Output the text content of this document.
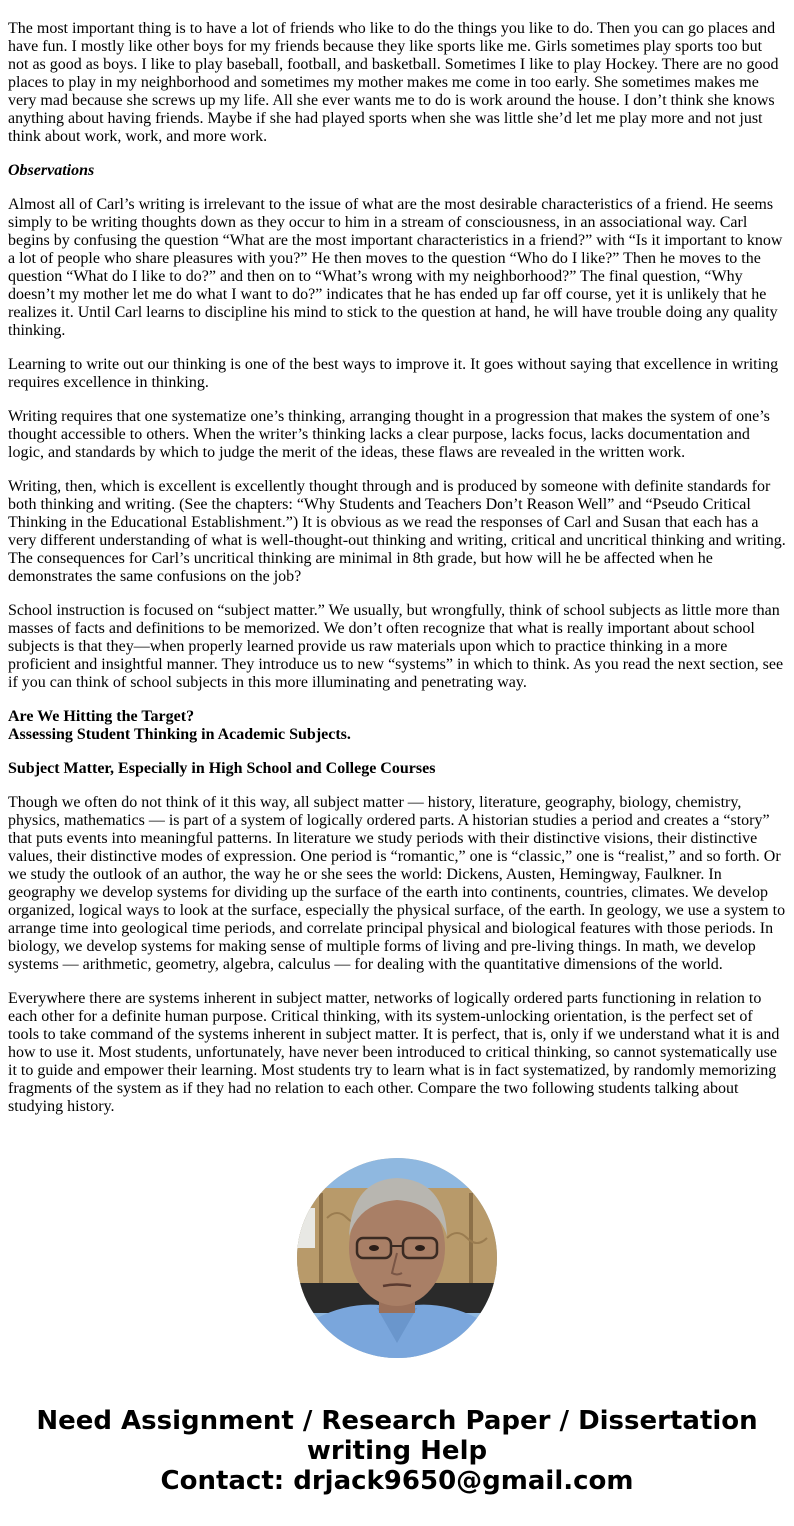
The most important thing is to have a lot of friends who like to do the things you like to do. Then you can go places and have fun. I mostly like other boys for my friends because they like sports like me. Girls sometimes play sports too but not as good as boys. I like to play baseball, football, and basketball. Sometimes I like to play Hockey. There are no good places to play in my neighborhood and sometimes my mother makes me come in too early. She sometimes makes me very mad because she screws up my life. All she ever wants me to do is work around the house. I don’t think she knows anything about having friends. Maybe if she had played sports when she was little she’d let me play more and not just think about work, work, and more work.

Observations

Almost all of Carl’s writing is irrelevant to the issue of what are the most desirable characteristics of a friend. He seems simply to be writing thoughts down as they occur to him in a stream of consciousness, in an associational way. Carl begins by confusing the question “What are the most important characteristics in a friend?” with “Is it important to know a lot of people who share pleasures with you?” He then moves to the question “Who do I like?” Then he moves to the question “What do I like to do?” and then on to “What’s wrong with my neighborhood?” The final question, “Why doesn’t my mother let me do what I want to do?” indicates that he has ended up far off course, yet it is unlikely that he realizes it. Until Carl learns to discipline his mind to stick to the question at hand, he will have trouble doing any quality thinking.

Learning to write out our thinking is one of the best ways to improve it. It goes without saying that excellence in writing requires excellence in thinking.

Writing requires that one systematize one’s thinking, arranging thought in a progression that makes the system of one’s thought accessible to others. When the writer’s thinking lacks a clear purpose, lacks focus, lacks documentation and logic, and standards by which to judge the merit of the ideas, these flaws are revealed in the written work.

Writing, then, which is excellent is excellently thought through and is produced by someone with definite standards for both thinking and writing. (See the chapters: “Why Students and Teachers Don’t Reason Well” and “Pseudo Critical Thinking in the Educational Establishment.”) It is obvious as we read the responses of Carl and Susan that each has a very different understanding of what is well-thought-out thinking and writing, critical and uncritical thinking and writing. The consequences for Carl’s uncritical thinking are minimal in 8th grade, but how will he be affected when he demonstrates the same confusions on the job?

School instruction is focused on “subject matter.” We usually, but wrongfully, think of school subjects as little more than masses of facts and definitions to be memorized. We don’t often recognize that what is really important about school subjects is that they—when properly learned provide us raw materials upon which to practice thinking in a more proficient and insightful manner. They introduce us to new “systems” in which to think. As you read the next section, see if you can think of school subjects in this more illuminating and penetrating way.

Are We Hitting the Target?
Assessing Student Thinking in Academic Subjects.

Subject Matter, Especially in High School and College Courses

Though we often do not think of it this way, all subject matter — history, literature, geography, biology, chemistry, physics, mathematics — is part of a system of logically ordered parts. A historian studies a period and creates a “story” that puts events into meaningful patterns. In literature we study periods with their distinctive visions, their distinctive values, their distinctive modes of expression. One period is “romantic,” one is “classic,” one is “realist,” and so forth. Or we study the outlook of an author, the way he or she sees the world: Dickens, Austen, Hemingway, Faulkner. In geography we develop systems for dividing up the surface of the earth into continents, countries, climates. We develop organized, logical ways to look at the surface, especially the physical surface, of the earth. In geology, we use a system to arrange time into geological time periods, and correlate principal physical and biological features with those periods. In biology, we develop systems for making sense of multiple forms of living and pre-living things. In math, we develop systems — arithmetic, geometry, algebra, calculus — for dealing with the quantitative dimensions of the world.

Everywhere there are systems inherent in subject matter, networks of logically ordered parts functioning in relation to each other for a definite human purpose. Critical thinking, with its system-unlocking orientation, is the perfect set of tools to take command of the systems inherent in subject matter. It is perfect, that is, only if we understand what it is and how to use it. Most students, unfortunately, have never been introduced to critical thinking, so cannot systematically use it to guide and empower their learning. Most students try to learn what is in fact systematized, by randomly memorizing fragments of the system as if they had no relation to each other. Compare the two following students talking about studying history.

Need Assignment / Research Paper / Dissertation
writing Help
Contact: drjack9650@gmail.com
